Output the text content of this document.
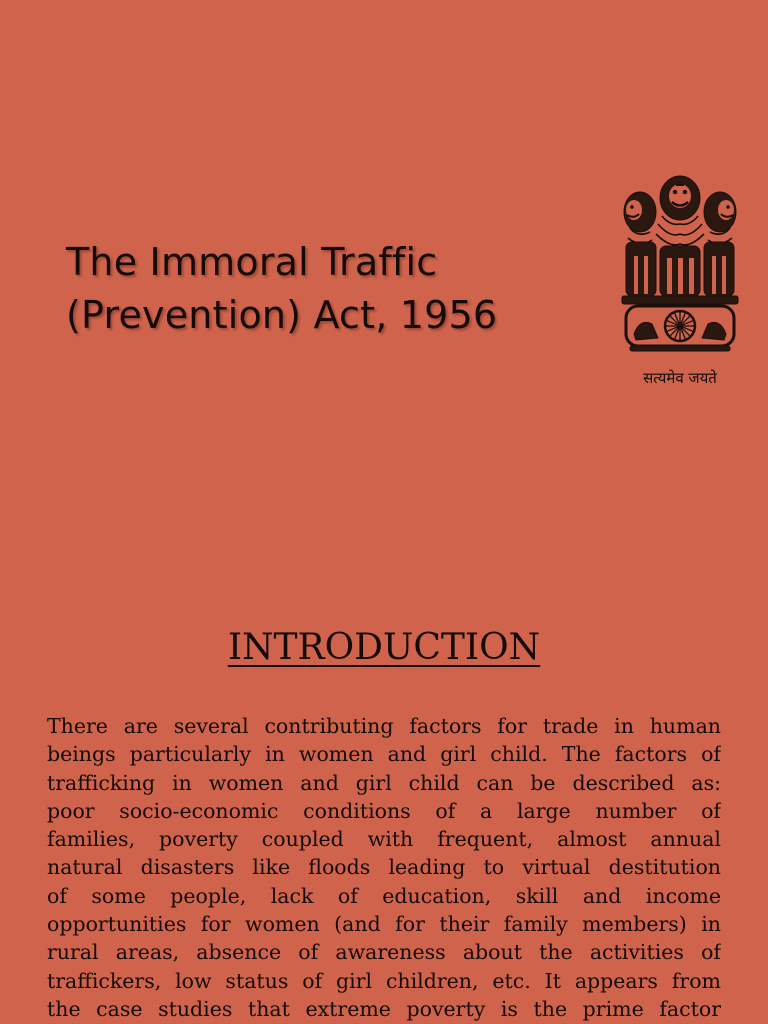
The Immoral Traffic
(Prevention) Act, 1956
सत्यमेव जयते
INTRODUCTION
There are several contributing factors for trade in human
beings particularly in women and girl child. The factors of
trafficking in women and girl child can be described as:
poor socio-economic conditions of a large number of
families, poverty coupled with frequent, almost annual
natural disasters like floods leading to virtual destitution
of some people, lack of education, skill and income
opportunities for women (and for their family members) in
rural areas, absence of awareness about the activities of
traffickers, low status of girl children, etc. It appears from
the case studies that extreme poverty is the prime factor
